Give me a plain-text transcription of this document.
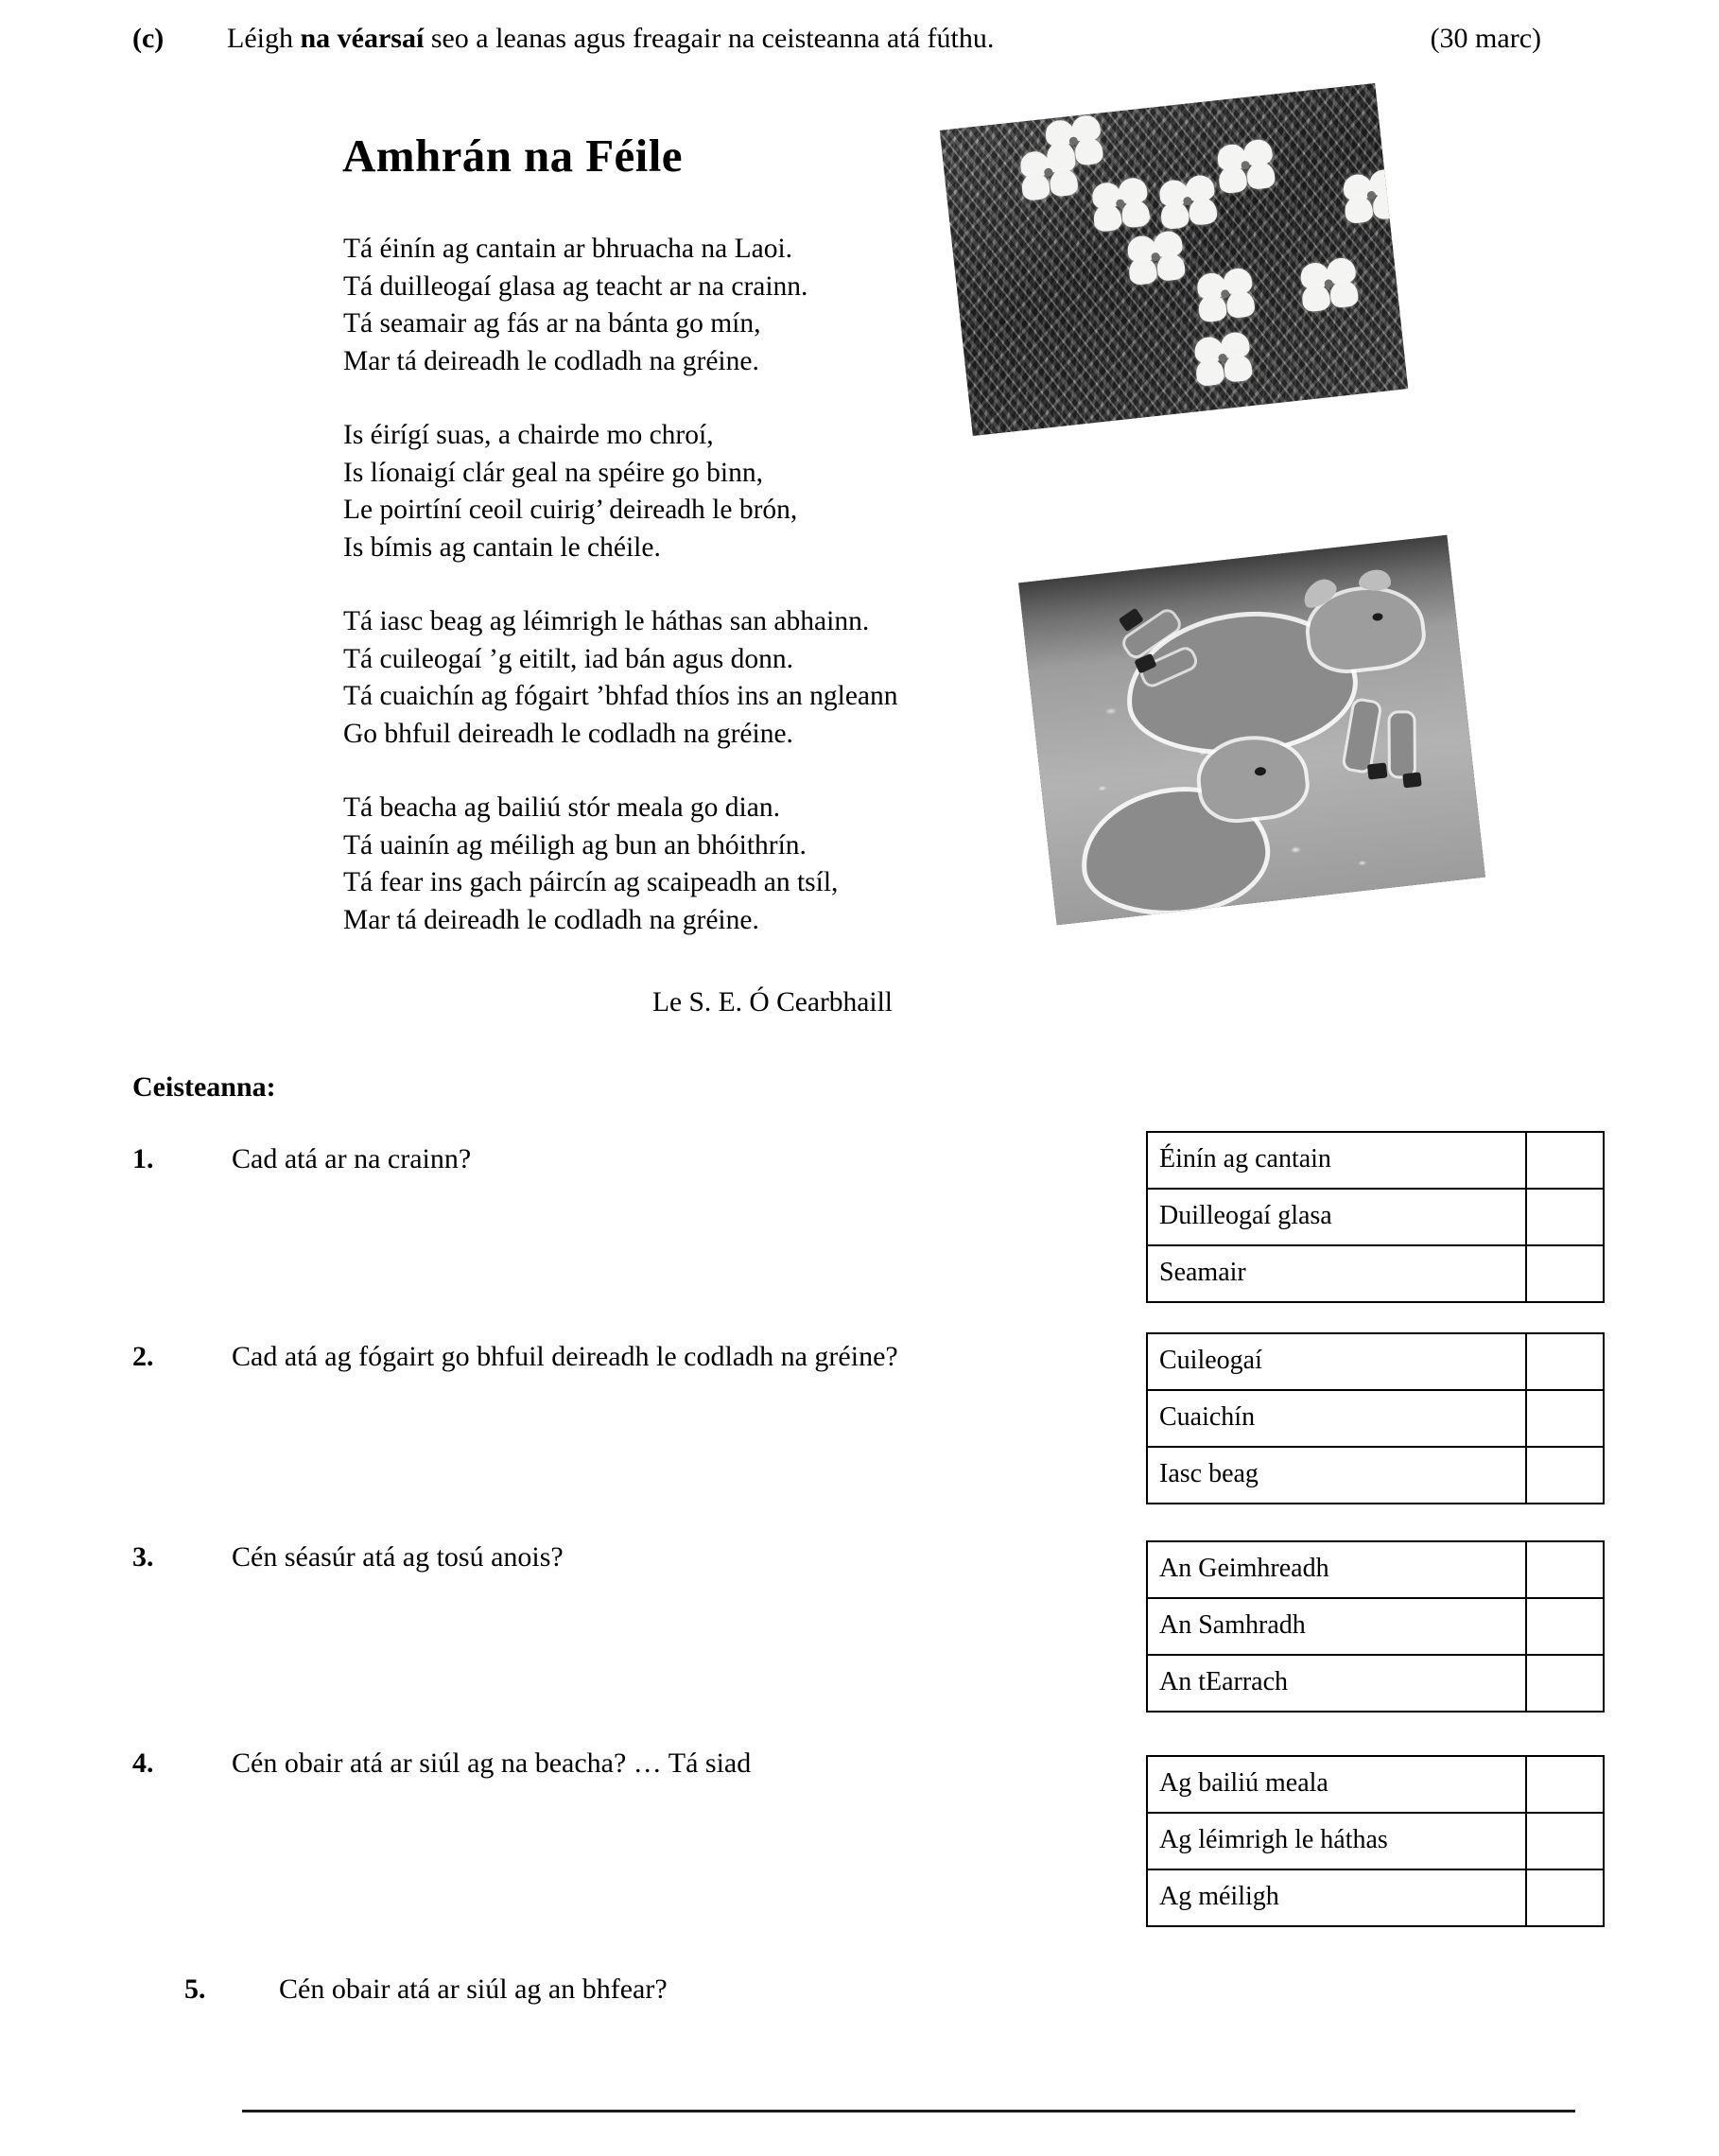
(c)	Léigh na véarsaí seo a leanas agus freagair na ceisteanna atá fúthu.	(30 marc)
Amhrán na Féile
Tá éinín ag cantain ar bhruacha na Laoi.
Tá duilleogaí glasa ag teacht ar na crainn.
Tá seamair ag fás ar na bánta go mín,
Mar tá deireadh le codladh na gréine.
Is éirígí suas, a chairde mo chroí,
Is líonaigí clár geal na spéire go binn,
Le poirtíní ceoil cuirig’ deireadh le brón,
Is bímis ag cantain le chéile.
Tá iasc beag ag léimrigh le háthas san abhainn.
Tá cuileogaí ’g eitilt, iad bán agus donn.
Tá cuaichín ag fógairt ’bhfad thíos ins an ngleann
Go bhfuil deireadh le codladh na gréine.
Tá beacha ag bailiú stór meala go dian.
Tá uainín ag méiligh ag bun an bhóithrín.
Tá fear ins gach páircín ag scaipeadh an tsíl,
Mar tá deireadh le codladh na gréine.
Le S. E. Ó Cearbhaill
Ceisteanna:
1.	Cad atá ar na crainn?	Éinín ag cantain	
Duilleogaí glasa	
Seamair	
2.	Cad atá ag fógairt go bhfuil deireadh le codladh na gréine?	Cuileogaí	
Cuaichín	
Iasc beag	
3.	Cén séasúr atá ag tosú anois?	An Geimhreadh	
An Samhradh	
An tEarrach	
4.	Cén obair atá ar siúl ag na beacha? … Tá siad
Ag bailiú meala	
Ag léimrigh le háthas	
Ag méiligh	
5.	Cén obair atá ar siúl ag an bhfear?
